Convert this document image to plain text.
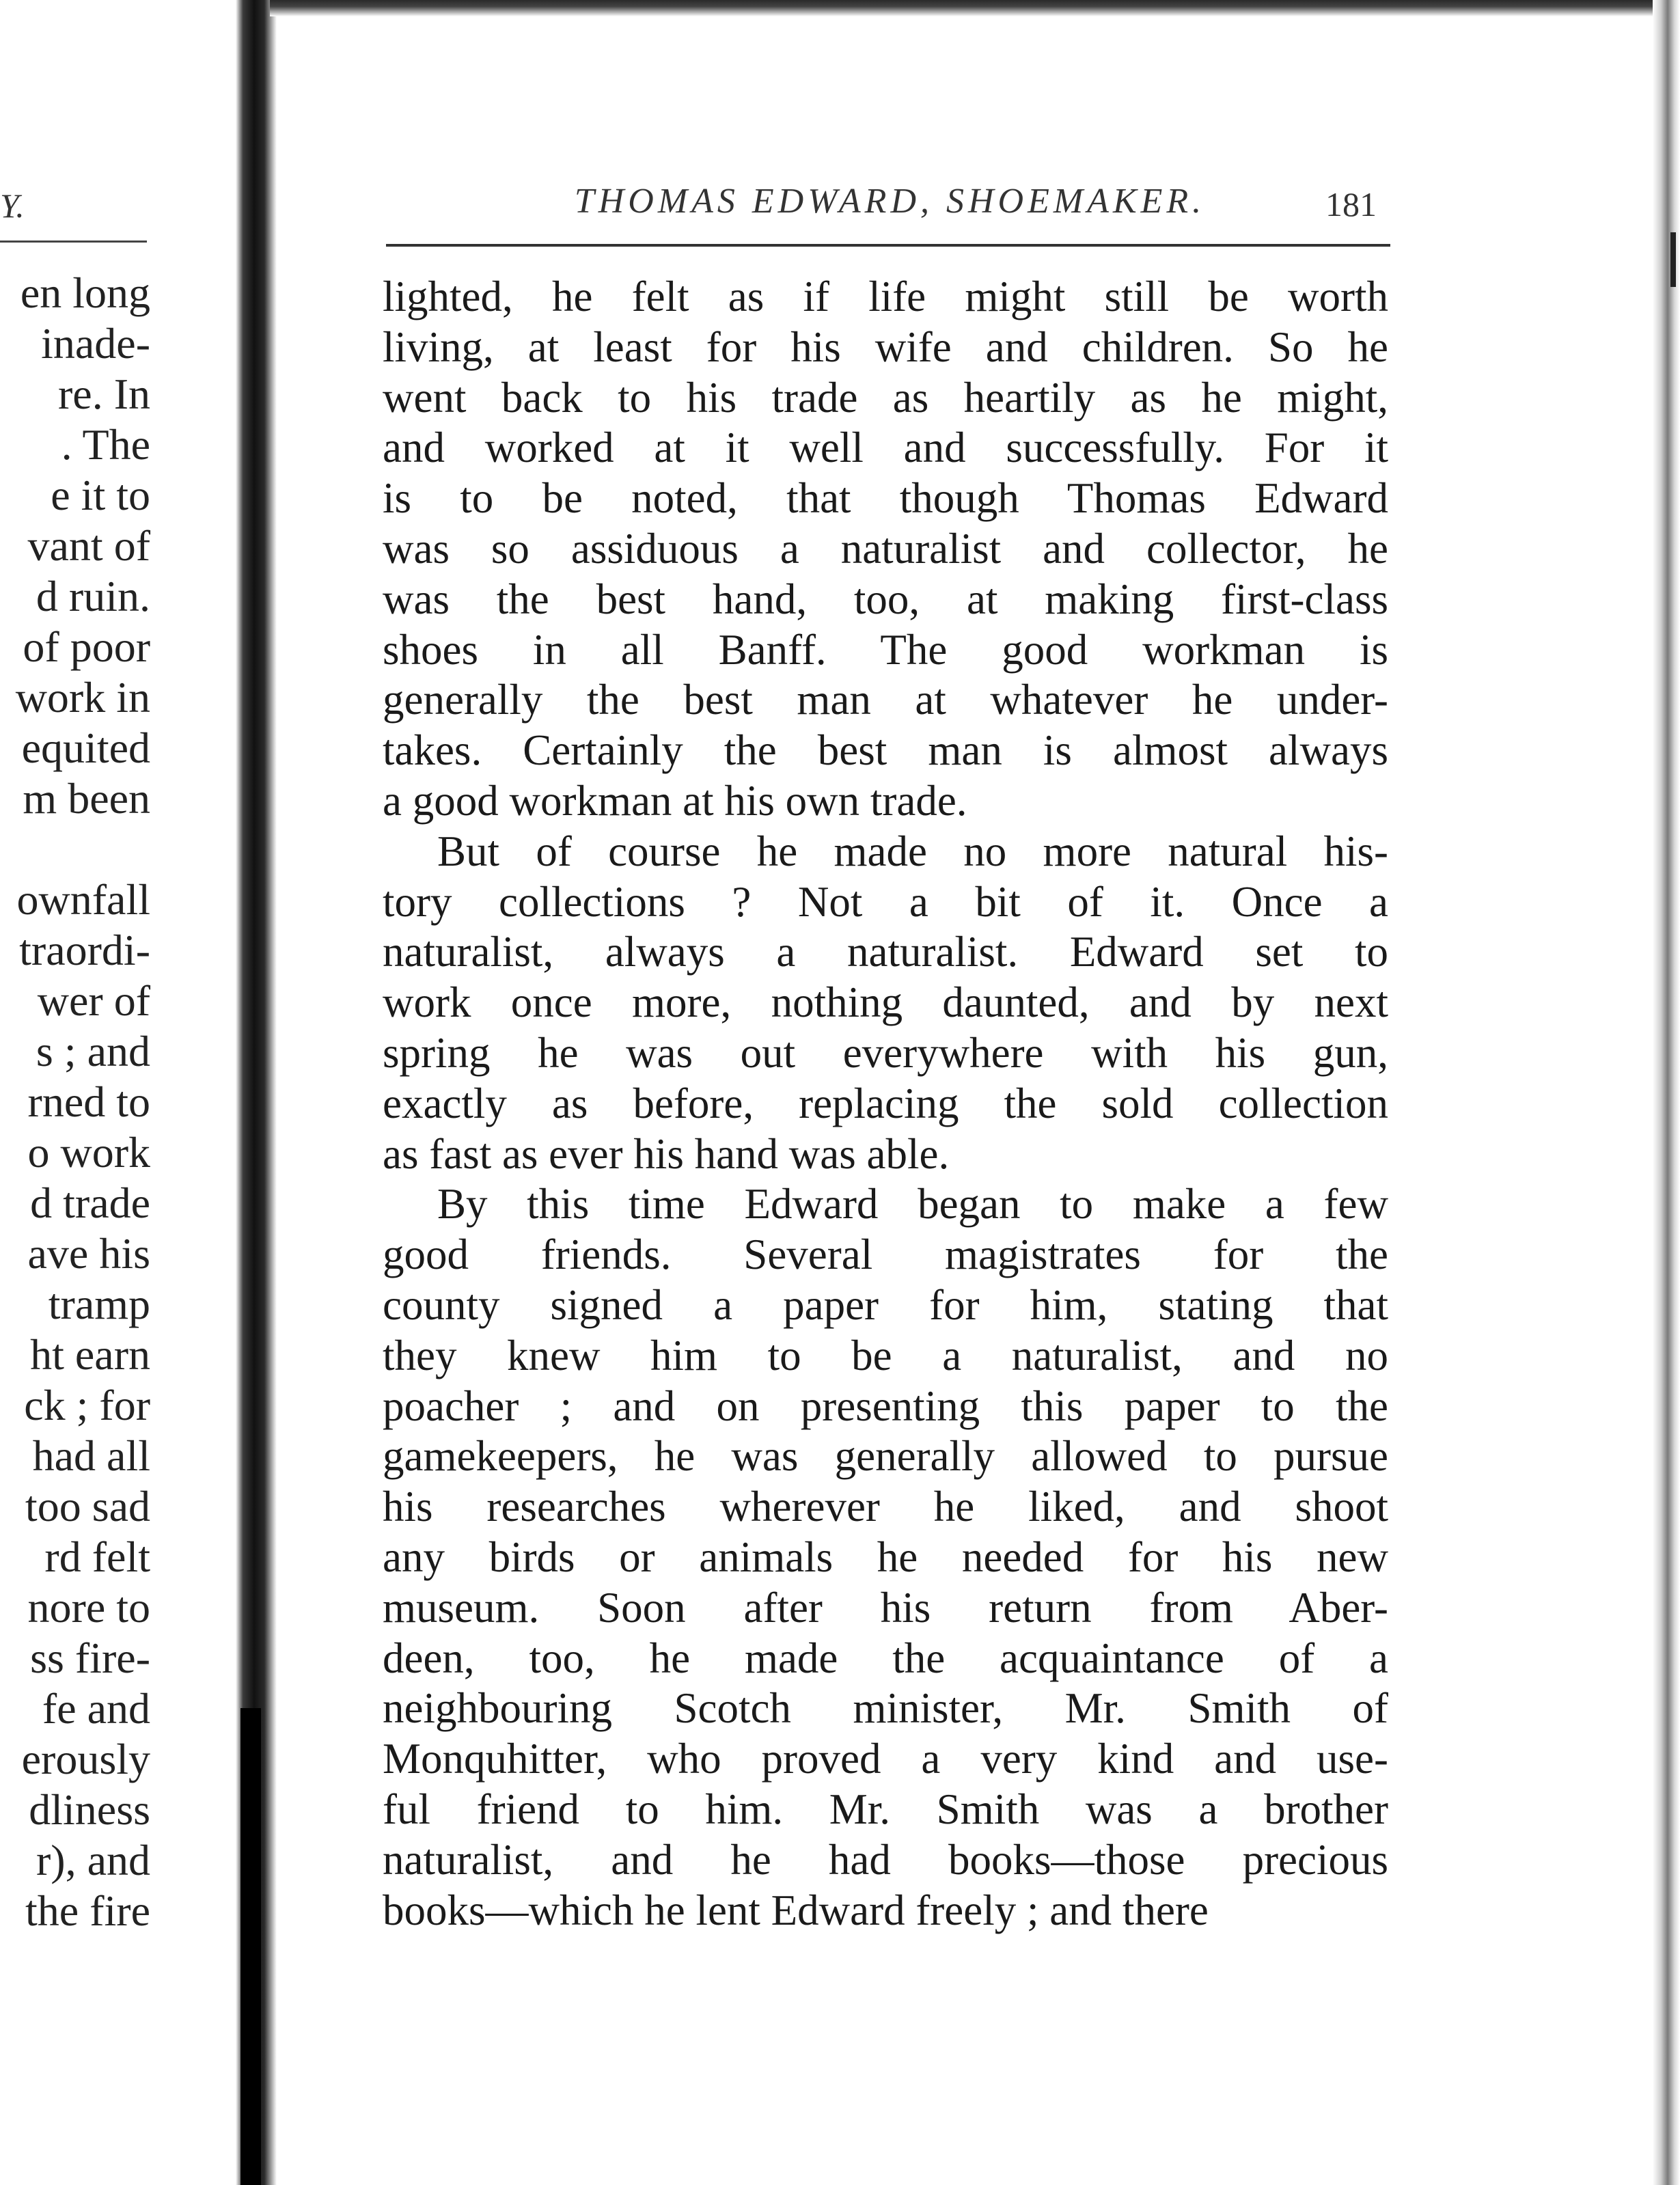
Y.
en long
inade-
re. In
. The
e it to
vant of
d ruin.
of poor
work in
equited
m been
ownfall
traordi-
wer of
s ; and
rned to
o work
d trade
ave his
tramp
ht earn
ck ; for
had all
too sad
rd felt
nore to
ss fire-
fe and
erously
dliness
r), and
the fire
THOMAS EDWARD, SHOEMAKER.	181

lighted, he felt as if life might still be worth
living, at least for his wife and children. So he
went back to his trade as heartily as he might,
and worked at it well and successfully. For it
is to be noted, that though Thomas Edward
was so assiduous a naturalist and collector, he
was the best hand, too, at making first-class
shoes in all Banff. The good workman is
generally the best man at whatever he under-
takes. Certainly the best man is almost always
a good workman at his own trade.

But of course he made no more natural his-
tory collections ? Not a bit of it. Once a
naturalist, always a naturalist. Edward set to
work once more, nothing daunted, and by next
spring he was out everywhere with his gun,
exactly as before, replacing the sold collection
as fast as ever his hand was able.

By this time Edward began to make a few
good friends. Several magistrates for the
county signed a paper for him, stating that
they knew him to be a naturalist, and no
poacher ; and on presenting this paper to the
gamekeepers, he was generally allowed to pursue
his researches wherever he liked, and shoot
any birds or animals he needed for his new
museum. Soon after his return from Aber-
deen, too, he made the acquaintance of a
neighbouring Scotch minister, Mr. Smith of
Monquhitter, who proved a very kind and use-
ful friend to him. Mr. Smith was a brother
naturalist, and he had books—those precious
books—which he lent Edward freely ; and there
